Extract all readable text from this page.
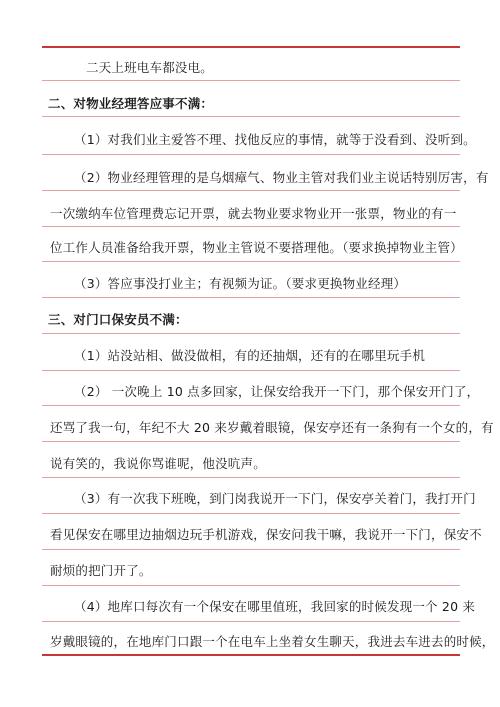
二天上班电车都没电。
二、对物业经理答应事不满：
（1）对我们业主爱答不理、找他反应的事情，就等于没看到、没听到。
（2）物业经理管理的是乌烟瘴气、物业主管对我们业主说话特别厉害，有
一次缴纳车位管理费忘记开票，就去物业要求物业开一张票，物业的有一
位工作人员准备给我开票，物业主管说不要搭理他。（要求换掉物业主管）
（3）答应事没打业主；有视频为证。（要求更换物业经理）
三、对门口保安员不满：
（1）站没站相、做没做相，有的还抽烟，还有的在哪里玩手机
（2） 一次晚上 10 点多回家，让保安给我开一下门，那个保安开门了，
还骂了我一句，年纪不大 20 来岁戴着眼镜，保安亭还有一条狗有一个女的，有
说有笑的，我说你骂谁呢，他没吭声。
（3）有一次我下班晚，到门岗我说开一下门，保安亭关着门，我打开门
看见保安在哪里边抽烟边玩手机游戏，保安问我干嘛，我说开一下门，保安不
耐烦的把门开了。
（4）地库口每次有一个保安在哪里值班，我回家的时候发现一个 20 来
岁戴眼镜的，在地库门口跟一个在电车上坐着女生聊天，我进去车进去的时候，
